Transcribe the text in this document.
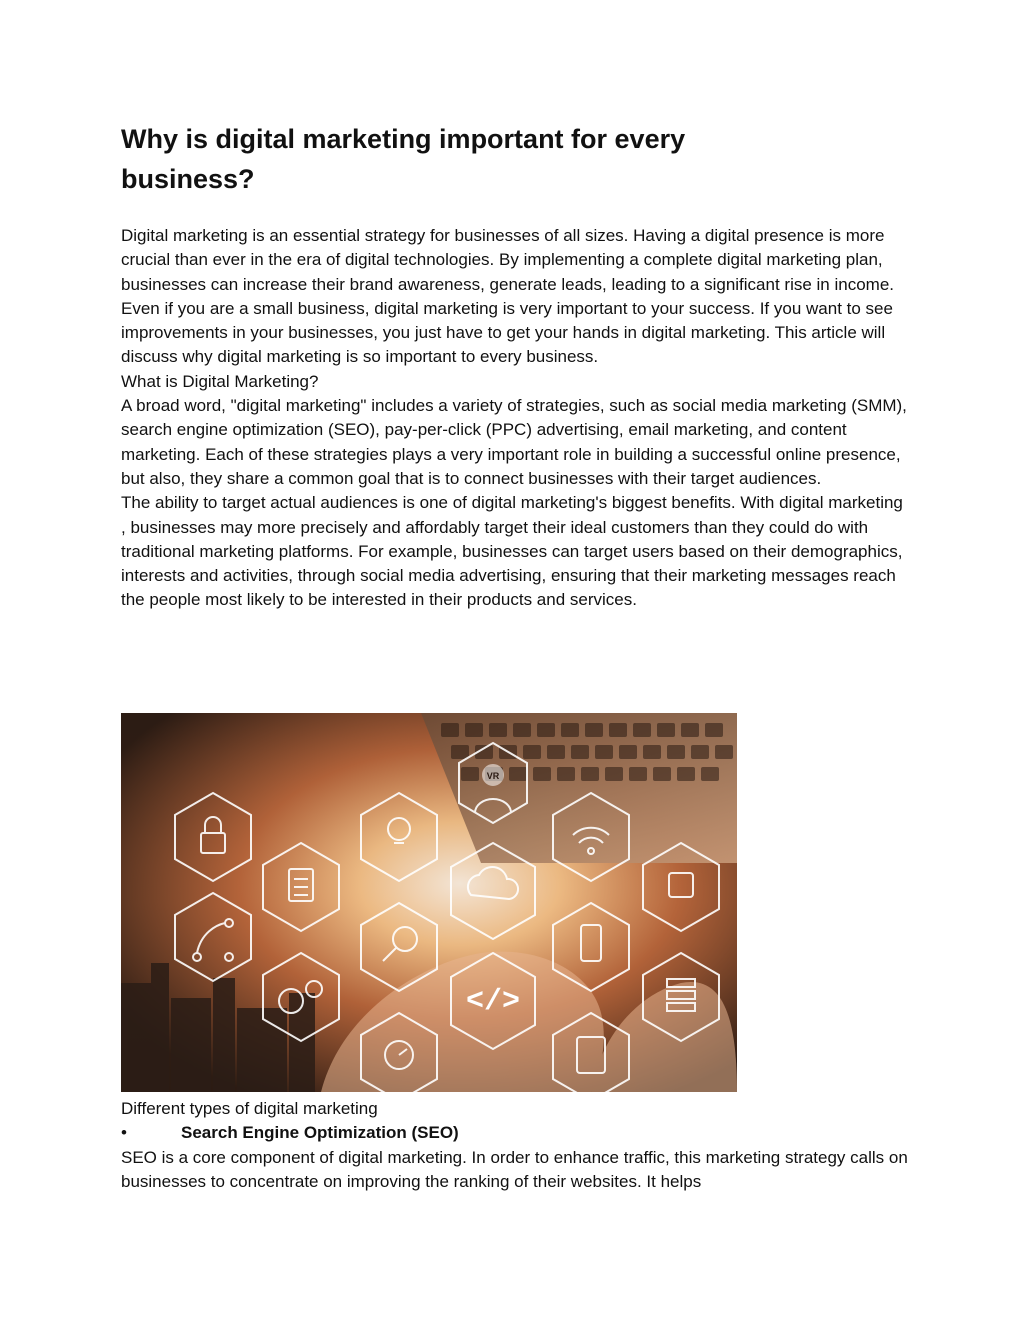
Why is digital marketing important for every business?

Digital marketing is an essential strategy for businesses of all sizes. Having a digital presence is more crucial than ever in the era of digital technologies. By implementing a complete digital marketing plan, businesses can increase their brand awareness, generate leads, leading to a significant rise in income. Even if you are a small business, digital marketing is very important to your success. If you want to see improvements in your businesses, you just have to get your hands in digital marketing. This article will discuss why digital marketing is so important to every business.

What is Digital Marketing?

A broad word, "digital marketing" includes a variety of strategies, such as social media marketing (SMM), search engine optimization (SEO), pay-per-click (PPC) advertising, email marketing, and content marketing. Each of these strategies plays a very important role in building a successful online presence, but also, they share a common goal that is to connect businesses with their target audiences.

The ability to target actual audiences is one of digital marketing's biggest benefits. With digital marketing , businesses may more precisely and affordably target their ideal customers than they could do with traditional marketing platforms. For example, businesses can target users based on their demographics, interests and activities, through social media advertising, ensuring that their marketing messages reach the people most likely to be interested in their products and services.

VR
</>

Different types of digital marketing

•	Search Engine Optimization (SEO)

SEO is a core component of digital marketing. In order to enhance traffic, this marketing strategy calls on businesses to concentrate on improving the ranking of their websites. It helps
